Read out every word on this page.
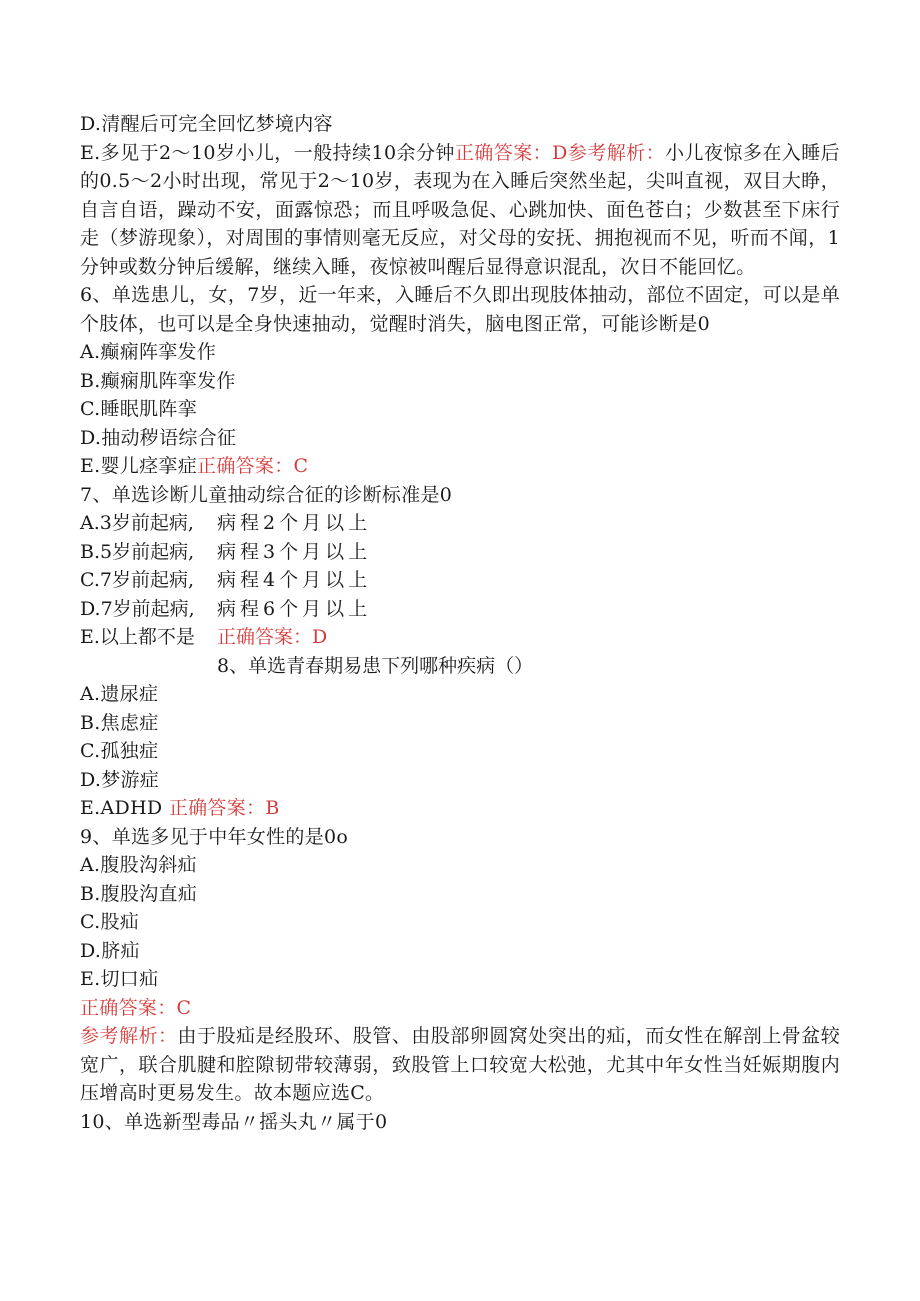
D.清醒后可完全回忆梦境内容
E.多见于2～10岁小儿，一般持续10余分钟正确答案：D参考解析：小儿夜惊多在入睡后的0.5～2小时出现，常见于2～10岁，表现为在入睡后突然坐起，尖叫直视，双目大睁，自言自语，躁动不安，面露惊恐；而且呼吸急促、心跳加快、面色苍白；少数甚至下床行走（梦游现象），对周围的事情则毫无反应，对父母的安抚、拥抱视而不见，听而不闻，1分钟或数分钟后缓解，继续入睡，夜惊被叫醒后显得意识混乱，次日不能回忆。
6、单选患儿，女，7岁，近一年来，入睡后不久即出现肢体抽动，部位不固定，可以是单个肢体，也可以是全身快速抽动，觉醒时消失，脑电图正常，可能诊断是0
A.癫痫阵挛发作
B.癫痫肌阵挛发作
C.睡眠肌阵挛
D.抽动秽语综合征
E.婴儿痉挛症正确答案：C
7、单选诊断儿童抽动综合征的诊断标准是0
A.3岁前起病,	病程2个月以上
B.5岁前起病,	病程3个月以上
C.7岁前起病,	病程4个月以上
D.7岁前起病,	病程6个月以上
E.以上都不是	正确答案：D
8、单选青春期易患下列哪种疾病（）
A.遗尿症
B.焦虑症
C.孤独症
D.梦游症
E.ADHD 正确答案：B
9、单选多见于中年女性的是0o
A.腹股沟斜疝
B.腹股沟直疝
C.股疝
D.脐疝
E.切口疝
正确答案：C
参考解析：由于股疝是经股环、股管、由股部卵圆窝处突出的疝，而女性在解剖上骨盆较宽广，联合肌腱和腔隙韧带较薄弱，致股管上口较宽大松弛，尤其中年女性当妊娠期腹内压增高时更易发生。故本题应选C。
10、单选新型毒品〃摇头丸〃属于0
